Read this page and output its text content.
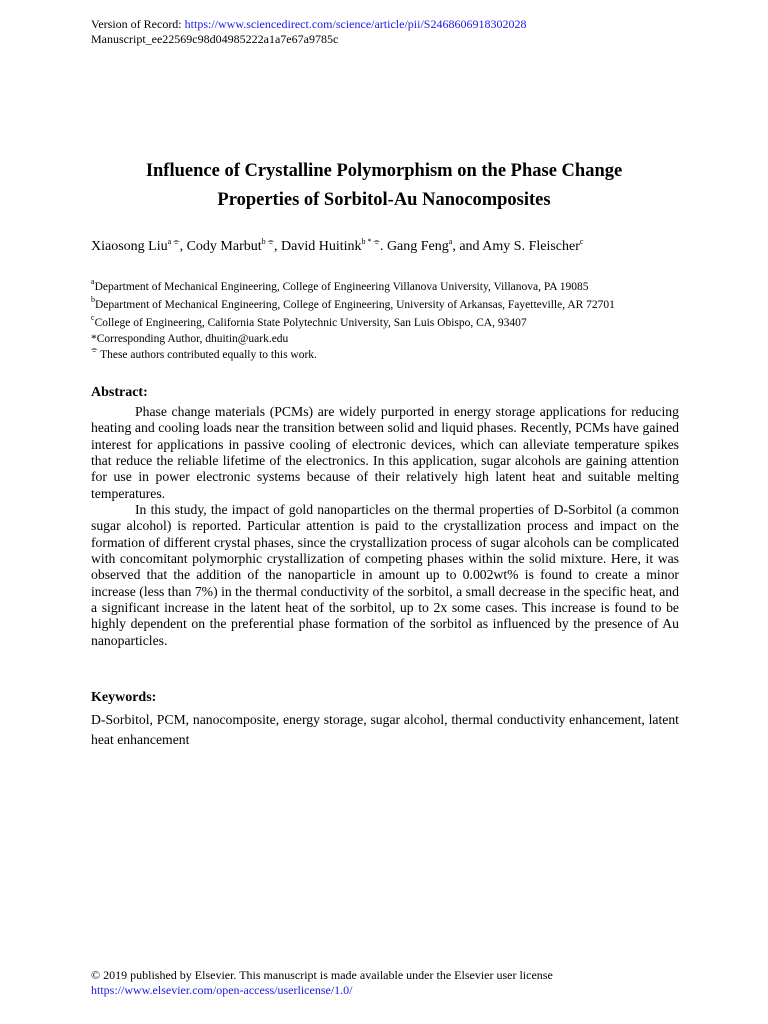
Version of Record: https://www.sciencedirect.com/science/article/pii/S2468606918302028
Manuscript_ee22569c98d04985222a1a7e67a9785c
Influence of Crystalline Polymorphism on the Phase Change
Properties of Sorbitol-Au Nanocomposites
Xiaosong Liu$^{a ⌯}$, Cody Marbut$^{b ⌯}$, David Huitink$^{b * ⌯}$. Gang Feng$^a$, and Amy S. Fleischer$^c$
$^a$Department of Mechanical Engineering, College of Engineering Villanova University, Villanova, PA 19085
$^b$Department of Mechanical Engineering, College of Engineering, University of Arkansas, Fayetteville, AR 72701
$^c$College of Engineering, California State Polytechnic University, San Luis Obispo, CA, 93407
*Corresponding Author, dhuitin@uark.edu
⌯ These authors contributed equally to this work.
Abstract:

Phase change materials (PCMs) are widely purported in energy storage applications for reducing heating and cooling loads near the transition between solid and liquid phases. Recently, PCMs have gained interest for applications in passive cooling of electronic devices, which can alleviate temperature spikes that reduce the reliable lifetime of the electronics. In this application, sugar alcohols are gaining attention for use in power electronic systems because of their relatively high latent heat and suitable melting temperatures.

In this study, the impact of gold nanoparticles on the thermal properties of D-Sorbitol (a common sugar alcohol) is reported. Particular attention is paid to the crystallization process and impact on the formation of different crystal phases, since the crystallization process of sugar alcohols can be complicated with concomitant polymorphic crystallization of competing phases within the solid mixture. Here, it was observed that the addition of the nanoparticle in amount up to 0.002wt% is found to create a minor increase (less than 7%) in the thermal conductivity of the sorbitol, a small decrease in the specific heat, and a significant increase in the latent heat of the sorbitol, up to 2x some cases. This increase is found to be highly dependent on the preferential phase formation of the sorbitol as influenced by the presence of Au nanoparticles.

Keywords:
D-Sorbitol, PCM, nanocomposite, energy storage, sugar alcohol, thermal conductivity enhancement, latent heat enhancement
© 2019 published by Elsevier. This manuscript is made available under the Elsevier user license
https://www.elsevier.com/open-access/userlicense/1.0/
